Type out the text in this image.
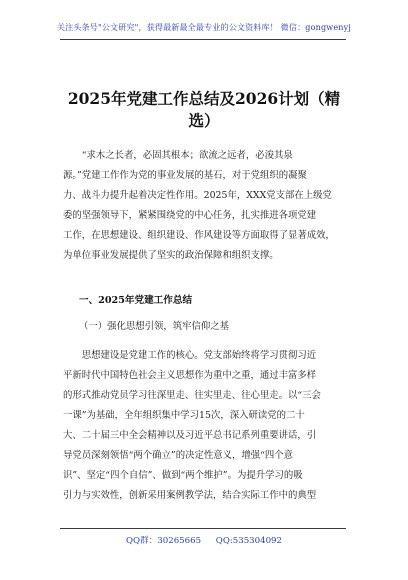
关注头条号"公文研究"，获得最新最全最专业的公文资料库！ 微信：gongwenyj
2025年党建工作总结及2026计划（精
选）
　　“求木之长者，必固其根本；欲流之远者，必浚其泉
源。”党建工作作为党的事业发展的基石，对于党组织的凝聚
力、战斗力提升起着决定性作用。2025年，XXX党支部在上级党
委的坚强领导下，紧紧围绕党的中心任务，扎实推进各项党建
工作，在思想建设、组织建设、作风建设等方面取得了显著成效，
为单位事业发展提供了坚实的政治保障和组织支撑。
一、2025年党建工作总结
（一）强化思想引领，筑牢信仰之基
　　思想建设是党建工作的核心。党支部始终将学习贯彻习近
平新时代中国特色社会主义思想作为重中之重，通过丰富多样
的形式推动党员学习往深里走、往实里走、往心里走。以“三会
一课”为基础，全年组织集中学习15次，深入研读党的二十
大、二十届三中全会精神以及习近平总书记系列重要讲话，引
导党员深刻领悟“两个确立”的决定性意义，增强“四个意
识”、坚定“四个自信”、做到“两个维护”。为提升学习的吸
引力与实效性，创新采用案例教学法，结合实际工作中的典型
QQ群：30265665 QQ:535304092
